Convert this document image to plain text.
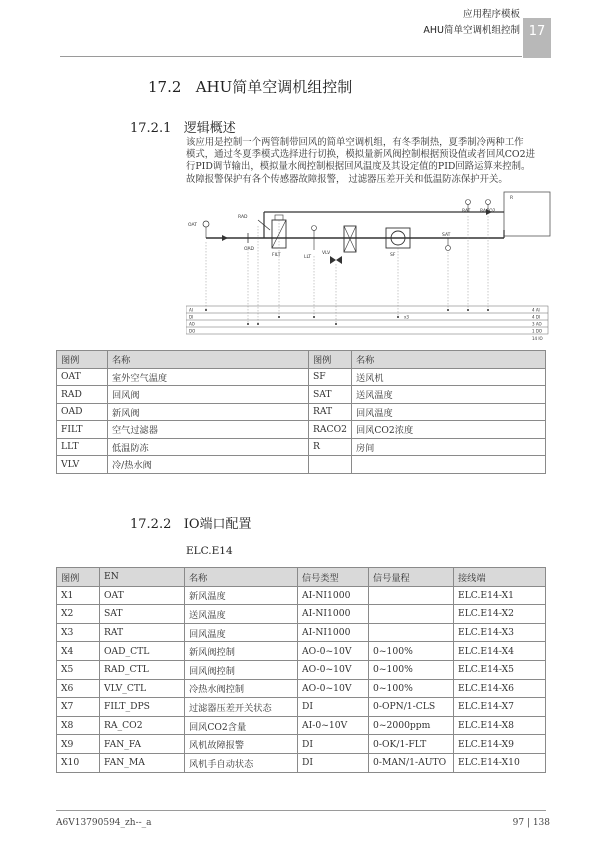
应用程序模板
AHU简单空调机组控制 17
17.2 AHU简单空调机组控制
17.2.1 逻辑概述
该应用是控制一个两管制带回风的简单空调机组，有冬季制热，夏季制冷两种工作
模式，通过冬夏季模式选择进行切换，模拟量新风阀控制根据预设值或者回风CO2进
行PID调节输出，模拟量水阀控制根据回风温度及其设定值的PID回路运算来控制。
故障报警保护有各个传感器故障报警， 过滤器压差开关和低温防冻保护开关。
R
OAT
RAD
OAD
FILT	LLT
VLV	SF
SAT
RAT RACO2
AI
DI
AO
DO
4 AI
4 DI
3 AO
1 DO
14 IO
x3
图例	名称	图例	名称
OAT	室外空气温度	SF	送风机
RAD	回风阀	SAT	送风温度
OAD	新风阀	RAT	回风温度
FILT	空气过滤器	RACO2	回风CO2浓度
LLT	低温防冻	R	房间
VLV	冷/热水阀		
17.2.2 IO端口配置
ELC.E14
图例	EN	名称	信号类型	信号量程	接线端
X1	OAT	新风温度	AI-NI1000		ELC.E14-X1
X2	SAT	送风温度	AI-NI1000		ELC.E14-X2
X3	RAT	回风温度	AI-NI1000		ELC.E14-X3
X4	OAD_CTL	新风阀控制	AO-0~10V	0~100%	ELC.E14-X4
X5	RAD_CTL	回风阀控制	AO-0~10V	0~100%	ELC.E14-X5
X6	VLV_CTL	冷热水阀控制	AO-0~10V	0~100%	ELC.E14-X6
X7	FILT_DPS	过滤器压差开关状态	DI	0-OPN/1-CLS	ELC.E14-X7
X8	RA_CO2	回风CO2含量	AI-0~10V	0~2000ppm	ELC.E14-X8
X9	FAN_FA	风机故障报警	DI	0-OK/1-FLT	ELC.E14-X9
X10	FAN_MA	风机手自动状态	DI	0-MAN/1-AUTO	ELC.E14-X10
A6V13790594_zh--_a	97 | 138
